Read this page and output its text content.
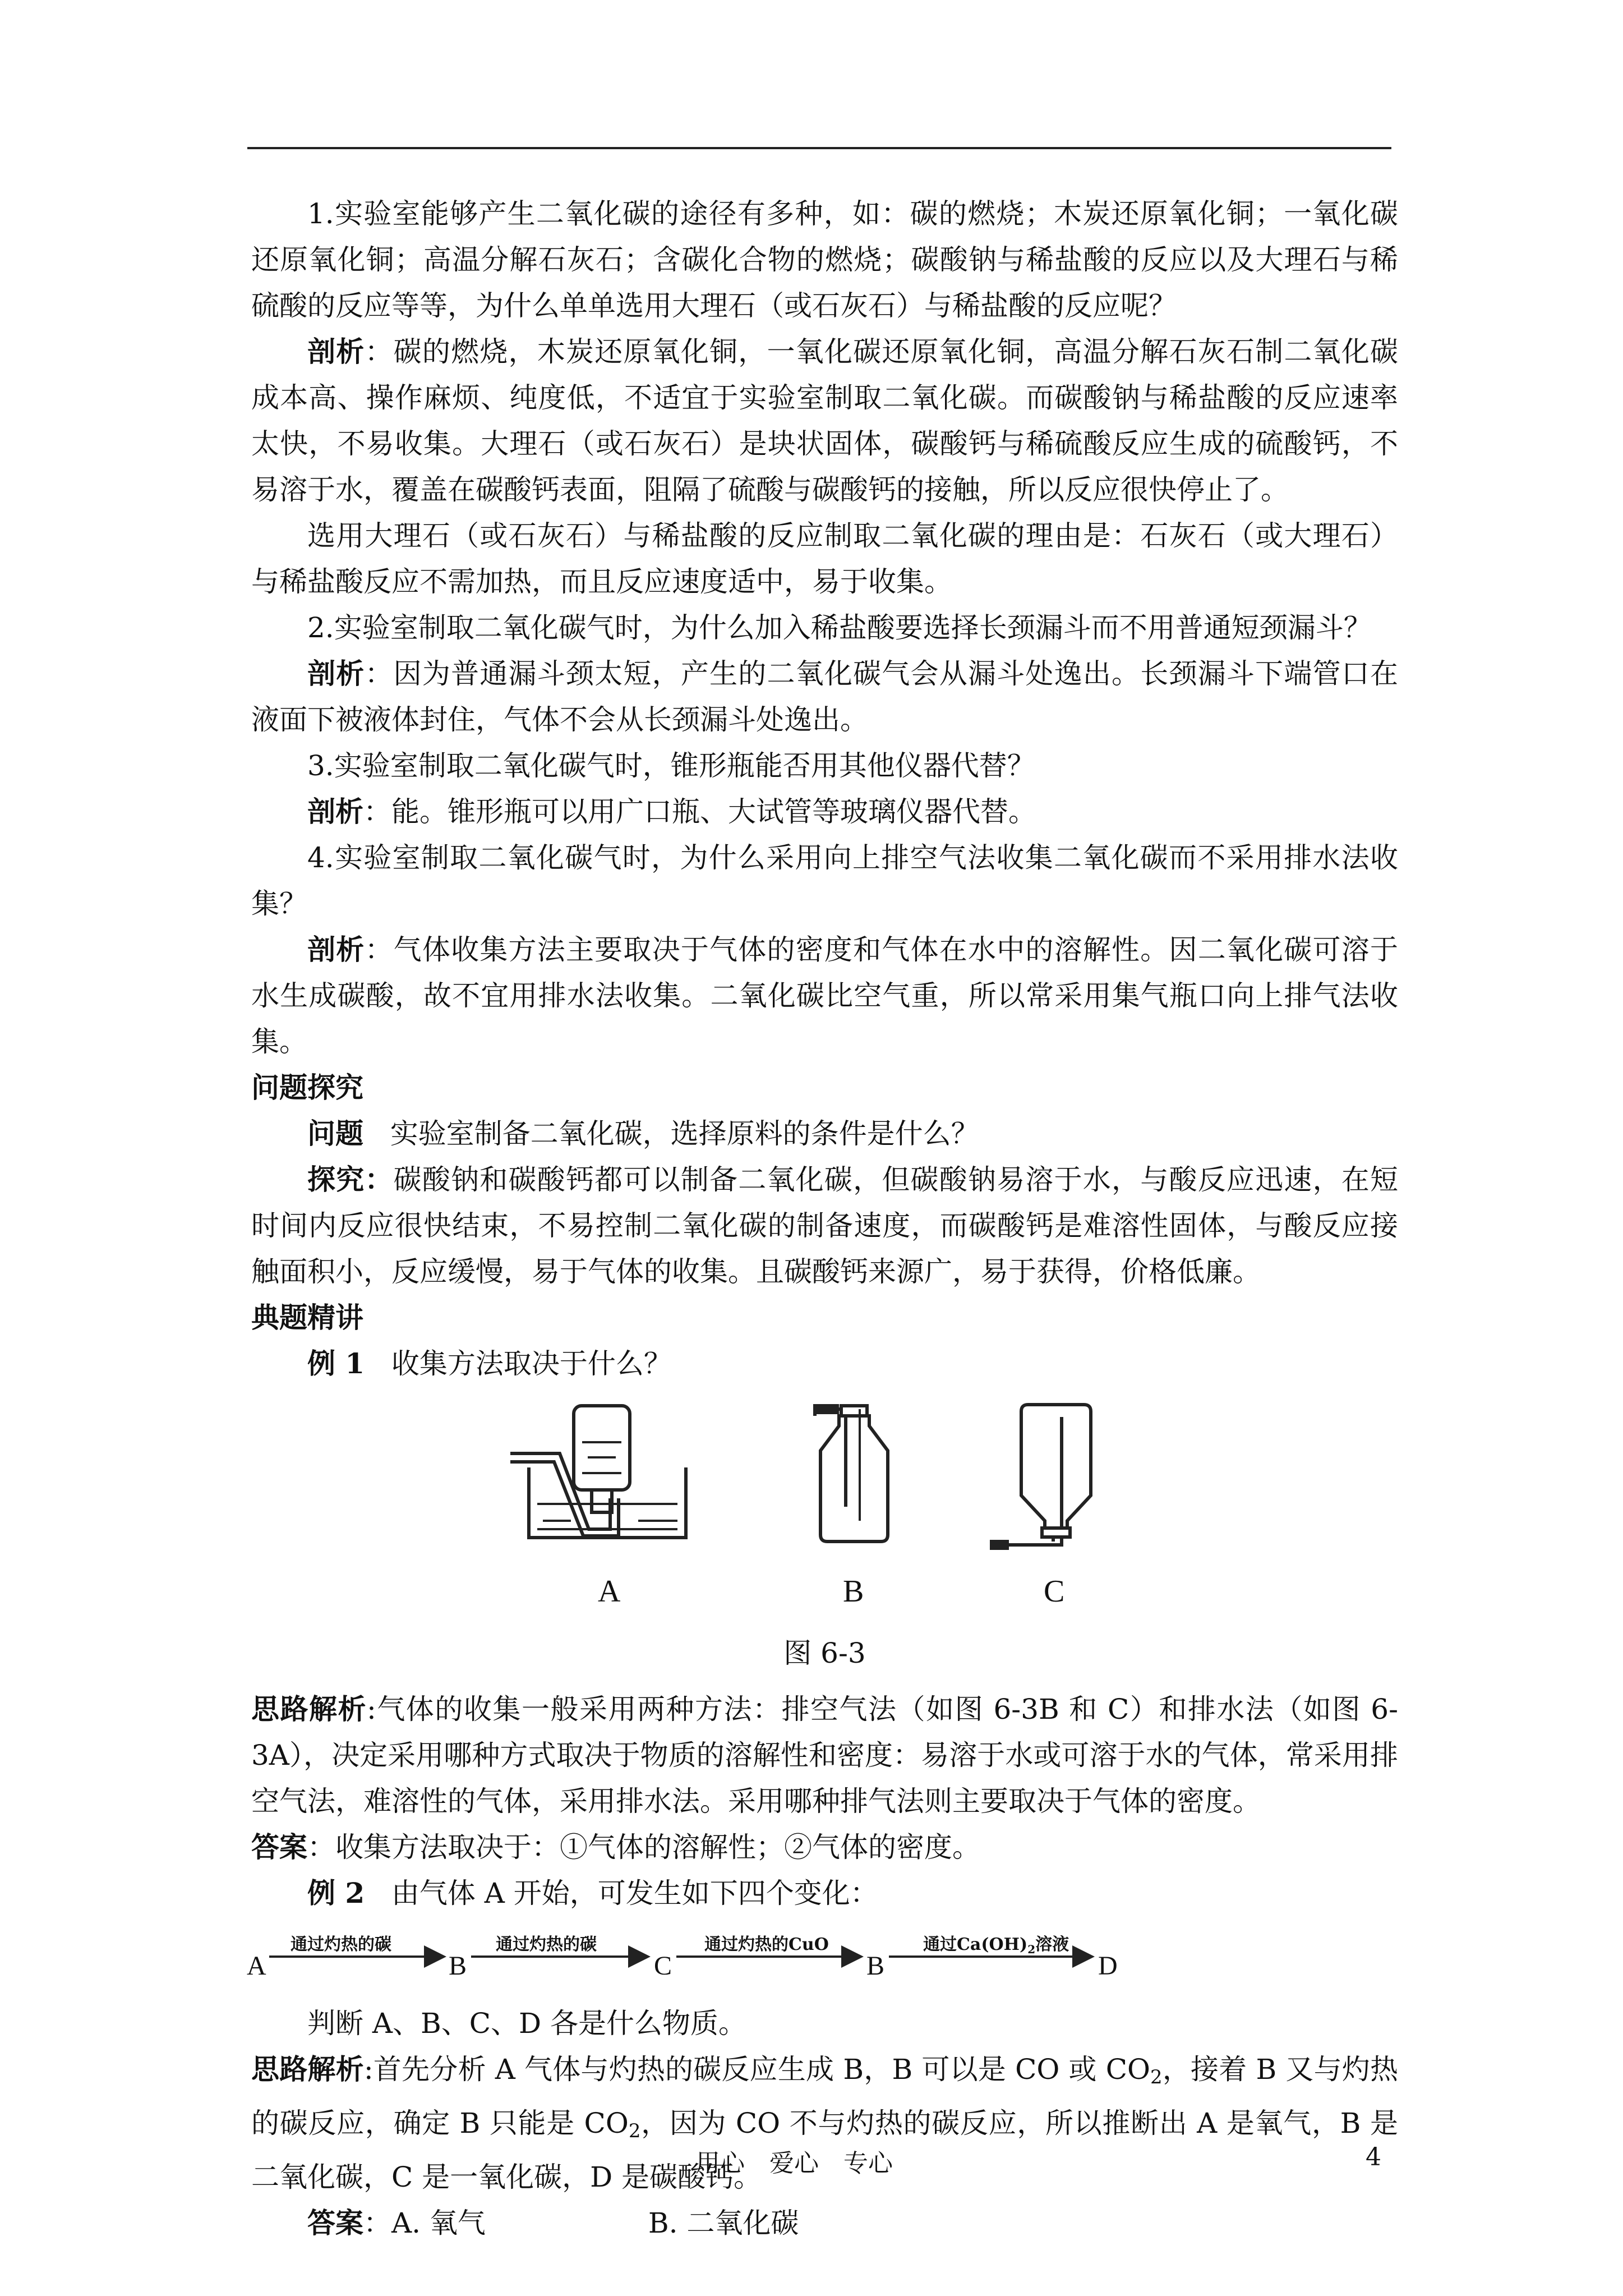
1.实验室能够产生二氧化碳的途径有多种，如：碳的燃烧；木炭还原氧化铜；一氧化碳还原氧化铜；高温分解石灰石；含碳化合物的燃烧；碳酸钠与稀盐酸的反应以及大理石与稀硫酸的反应等等，为什么单单选用大理石（或石灰石）与稀盐酸的反应呢？

剖析：碳的燃烧，木炭还原氧化铜，一氧化碳还原氧化铜，高温分解石灰石制二氧化碳成本高、操作麻烦、纯度低，不适宜于实验室制取二氧化碳。而碳酸钠与稀盐酸的反应速率太快，不易收集。大理石（或石灰石）是块状固体，碳酸钙与稀硫酸反应生成的硫酸钙，不易溶于水，覆盖在碳酸钙表面，阻隔了硫酸与碳酸钙的接触，所以反应很快停止了。

选用大理石（或石灰石）与稀盐酸的反应制取二氧化碳的理由是：石灰石（或大理石）与稀盐酸反应不需加热，而且反应速度适中，易于收集。

2.实验室制取二氧化碳气时，为什么加入稀盐酸要选择长颈漏斗而不用普通短颈漏斗？

剖析：因为普通漏斗颈太短，产生的二氧化碳气会从漏斗处逸出。长颈漏斗下端管口在液面下被液体封住，气体不会从长颈漏斗处逸出。

3.实验室制取二氧化碳气时，锥形瓶能否用其他仪器代替？

剖析：能。锥形瓶可以用广口瓶、大试管等玻璃仪器代替。

4.实验室制取二氧化碳气时，为什么采用向上排空气法收集二氧化碳而不采用排水法收集？

剖析：气体收集方法主要取决于气体的密度和气体在水中的溶解性。因二氧化碳可溶于水生成碳酸，故不宜用排水法收集。二氧化碳比空气重，所以常采用集气瓶口向上排气法收集。

问题探究

问题 实验室制备二氧化碳，选择原料的条件是什么？

探究：碳酸钠和碳酸钙都可以制备二氧化碳，但碳酸钠易溶于水，与酸反应迅速，在短时间内反应很快结束，不易控制二氧化碳的制备速度，而碳酸钙是难溶性固体，与酸反应接触面积小，反应缓慢，易于气体的收集。且碳酸钙来源广，易于获得，价格低廉。

典题精讲

例 1 收集方法取决于什么？

A	B	C
图 6-3

思路解析:气体的收集一般采用两种方法：排空气法（如图 6-3B 和 C）和排水法（如图 6-3A），决定采用哪种方式取决于物质的溶解性和密度：易溶于水或可溶于水的气体，常采用排空气法，难溶性的气体，采用排水法。采用哪种排气法则主要取决于气体的密度。

答案：收集方法取决于：①气体的溶解性；②气体的密度。

例 2 由气体 A 开始，可发生如下四个变化：

A	B	C	B	D
通过灼热的碳	通过灼热的碳	通过灼热的CuO	通过$Ca(OH)_2$溶液

判断 A、B、C、D 各是什么物质。

思路解析:首先分析 A 气体与灼热的碳反应生成 B，B 可以是 CO 或 $CO_2$，接着 B 又与灼热的碳反应，确定 B 只能是 $CO_2$，因为 CO 不与灼热的碳反应，所以推断出 A 是氧气，B 是二氧化碳，C 是一氧化碳，D 是碳酸钙。

答案：A. 氧气	B. 二氧化碳

用心　爱心　专心	4
